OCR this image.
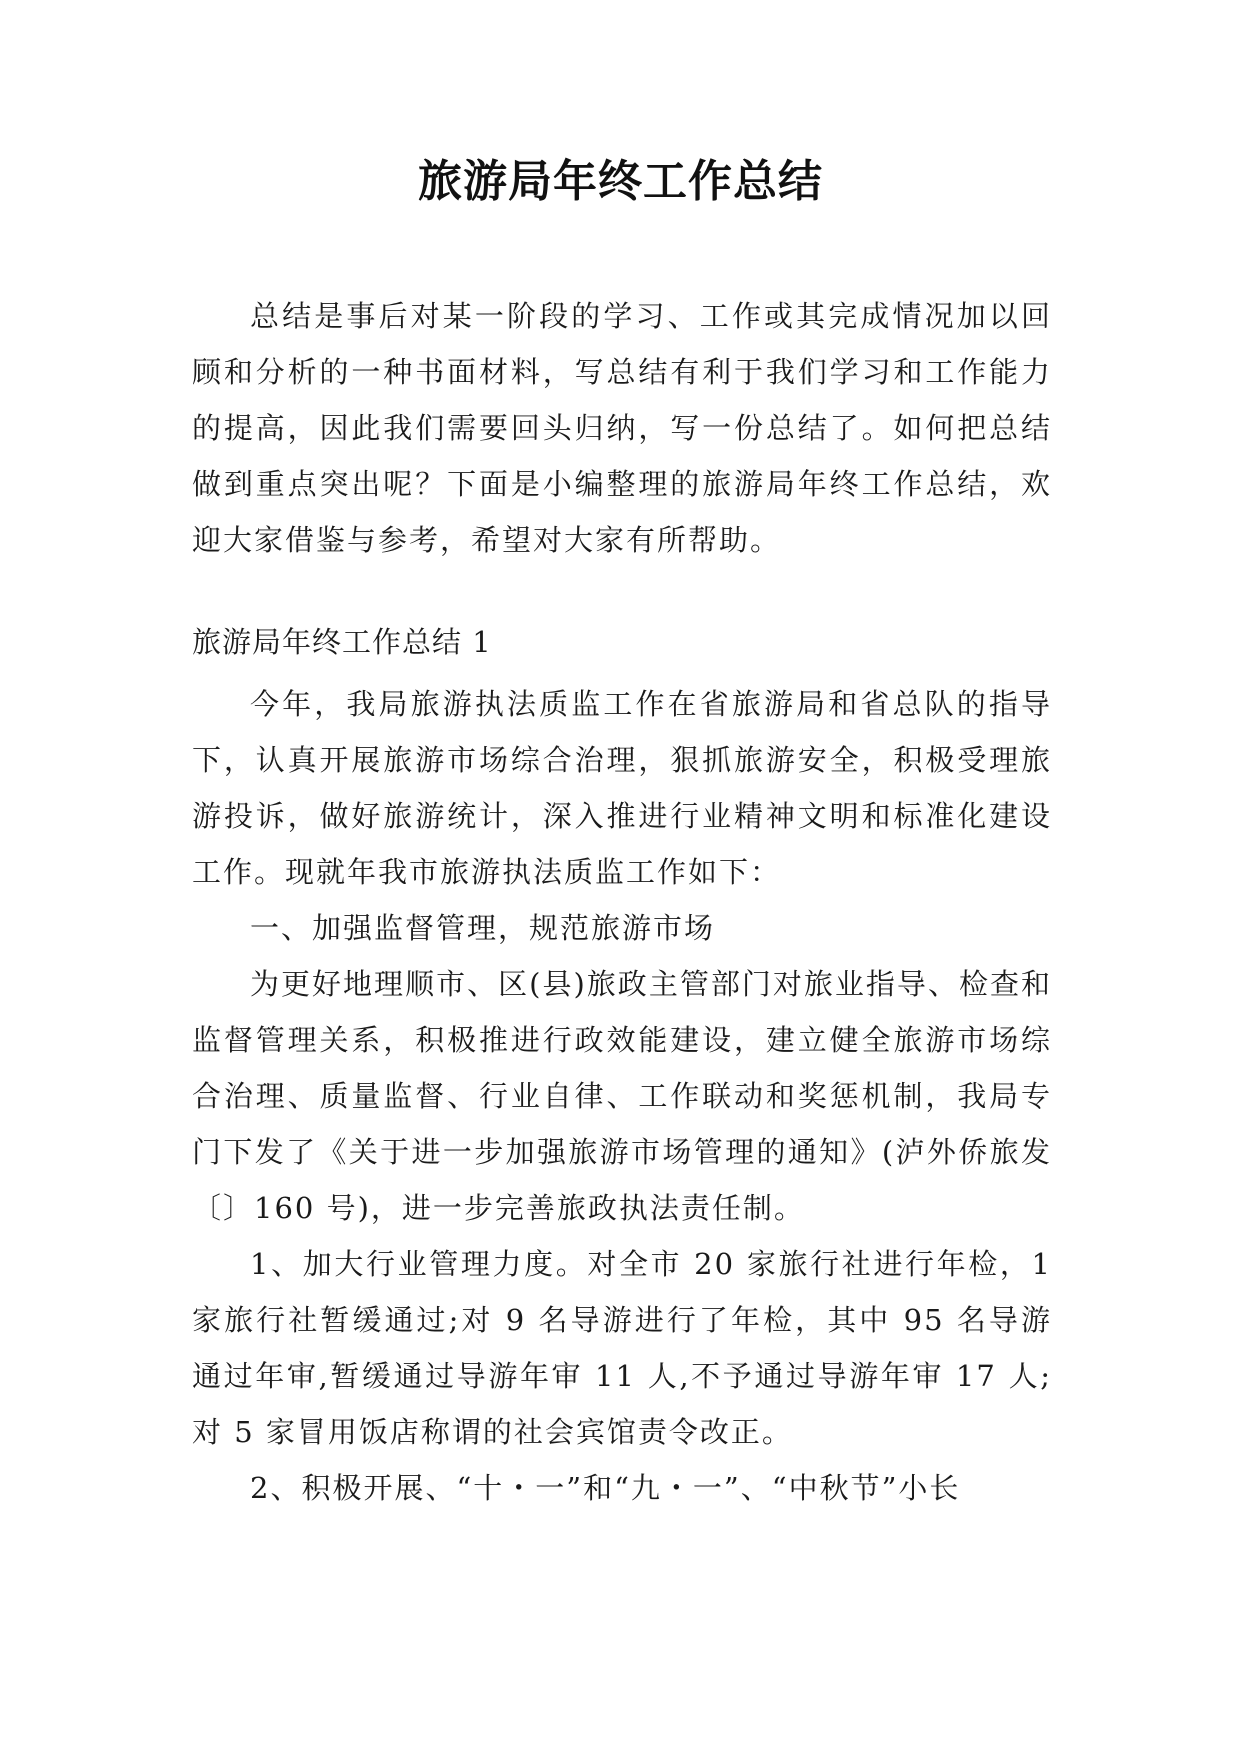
旅游局年终工作总结

总结是事后对某一阶段的学习、工作或其完成情况加以回顾和分析的一种书面材料，写总结有利于我们学习和工作能力的提高，因此我们需要回头归纳，写一份总结了。如何把总结做到重点突出呢？下面是小编整理的旅游局年终工作总结，欢迎大家借鉴与参考，希望对大家有所帮助。

旅游局年终工作总结 1

今年，我局旅游执法质监工作在省旅游局和省总队的指导下，认真开展旅游市场综合治理，狠抓旅游安全，积极受理旅游投诉，做好旅游统计，深入推进行业精神文明和标准化建设工作。现就年我市旅游执法质监工作如下：

一、加强监督管理，规范旅游市场

为更好地理顺市、区(县)旅政主管部门对旅业指导、检查和监督管理关系，积极推进行政效能建设，建立健全旅游市场综合治理、质量监督、行业自律、工作联动和奖惩机制，我局专门下发了《关于进一步加强旅游市场管理的通知》(泸外侨旅发〔〕160 号)，进一步完善旅政执法责任制。

1、加大行业管理力度。对全市 20 家旅行社进行年检，1 家旅行社暂缓通过;对 9 名导游进行了年检，其中 95 名导游通过年审,暂缓通过导游年审 11 人,不予通过导游年审 17 人;对 5 家冒用饭店称谓的社会宾馆责令改正。

2、积极开展、“十・一”和“九・一”、“中秋节”小长
